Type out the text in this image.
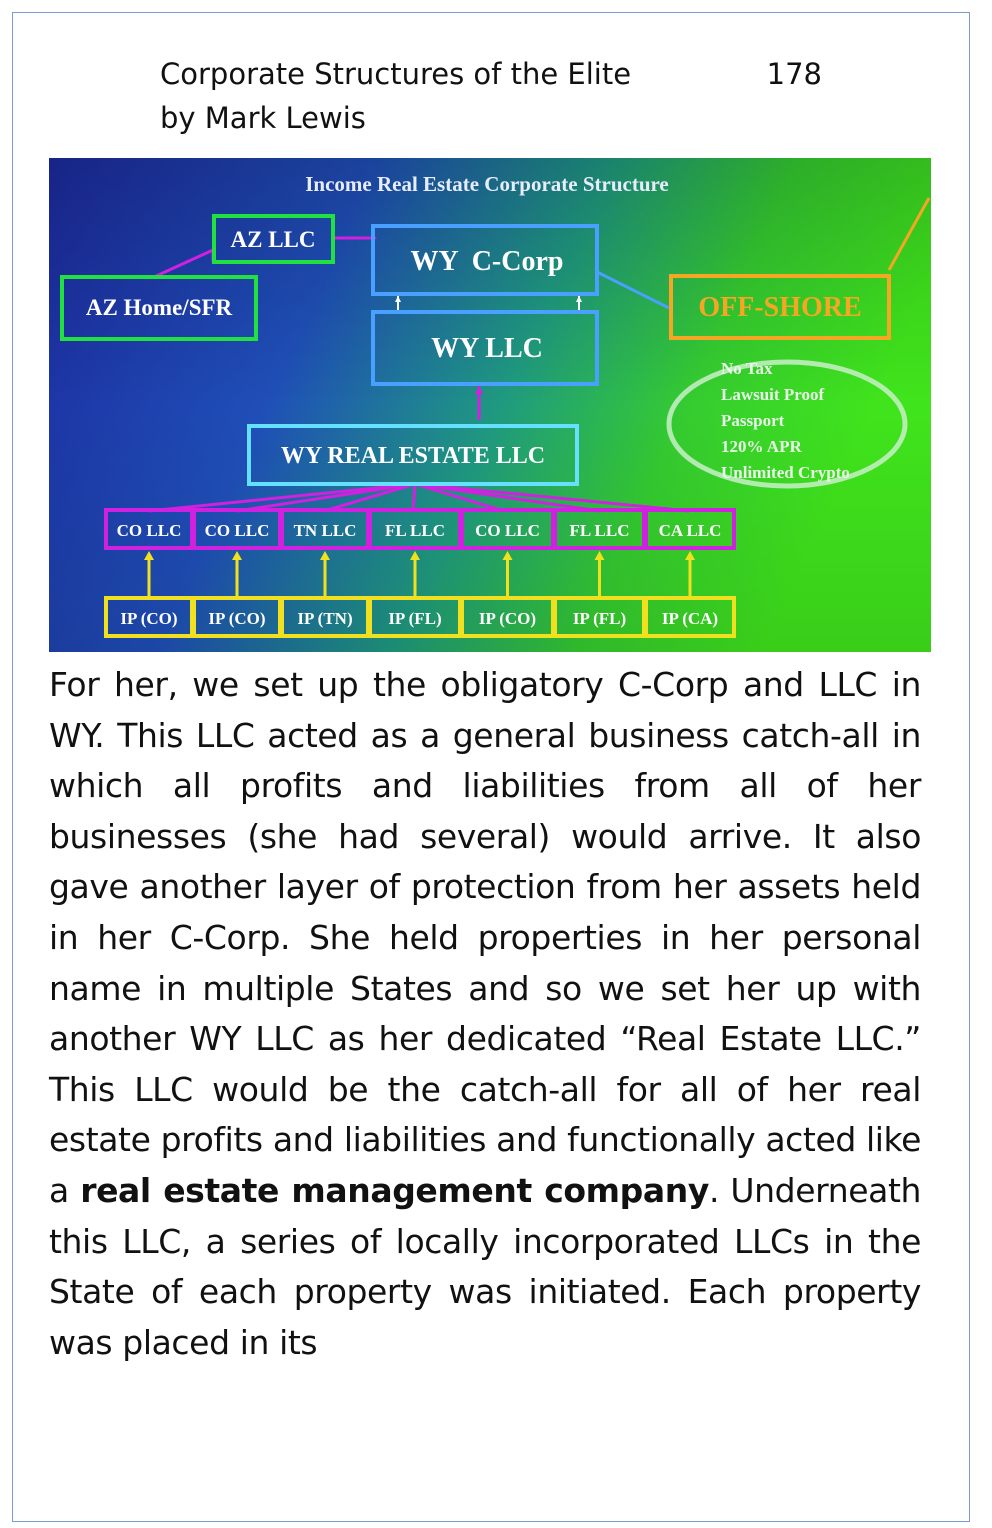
Corporate Structures of the Elite
by Mark Lewis
178
Income Real Estate Corporate Structure
AZ LLC
AZ Home/SFR
WY  C-Corp
WY LLC
OFF-SHORE
No Tax
Lawsuit Proof
Passport
120% APR
Unlimited Crypto
WY REAL ESTATE LLC
CO LLC CO LLC TN LLC FL LLC CO LLC FL LLC CA LLC
IP (CO) IP (CO) IP (TN) IP (FL) IP (CO) IP (FL) IP (CA)
For her, we set up the obligatory C-Corp and LLC in WY. This LLC acted as a general business catch-all in which all profits and liabilities from all of her businesses (she had several) would arrive. It also gave another layer of protection from her assets held in her C-Corp. She held properties in her personal name in multiple States and so we set her up with another WY LLC as her dedicated “Real Estate LLC.” This LLC would be the catch-all for all of her real estate profits and liabilities and functionally acted like a real estate management company. Underneath this LLC, a series of locally incorporated LLCs in the State of each property was initiated. Each property was placed in its
